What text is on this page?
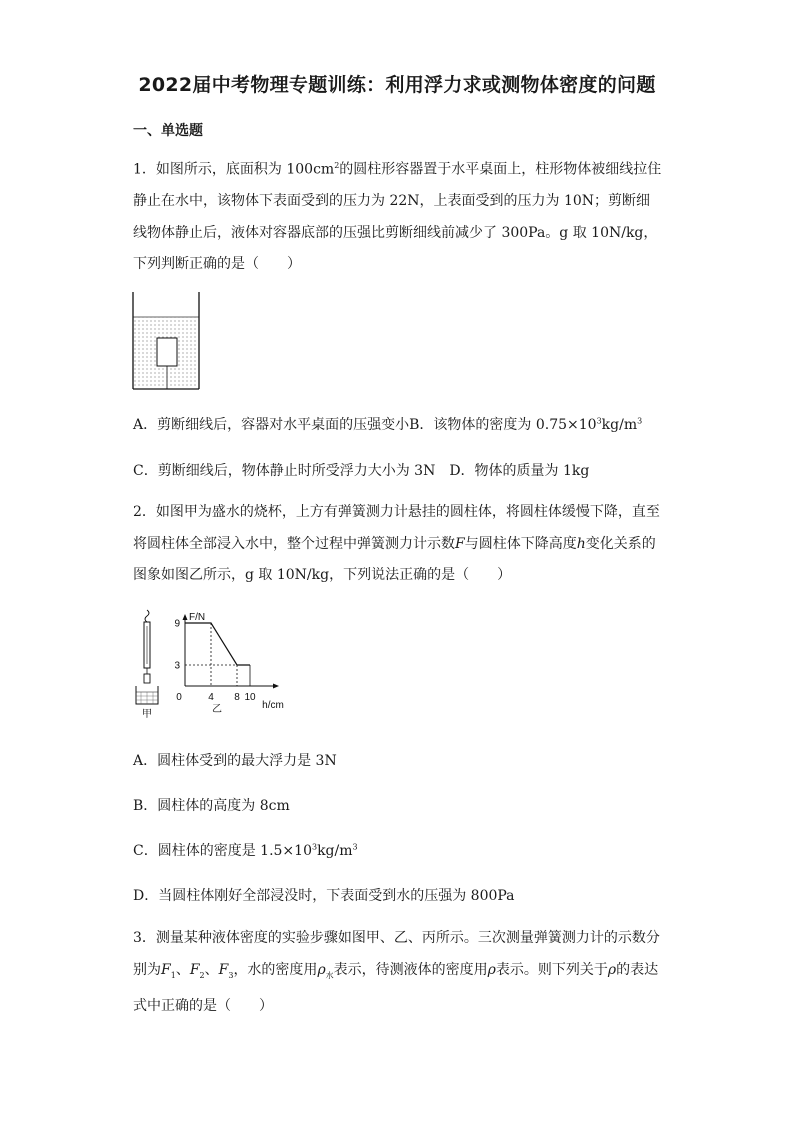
2022届中考物理专题训练：利用浮力求或测物体密度的问题
一、单选题
1．如图所示，底面积为 $100cm^2$的圆柱形容器置于水平桌面上，柱形物体被细线拉住静止在水中，该物体下表面受到的压力为 22N，上表面受到的压力为 10N；剪断细线物体静止后，液体对容器底部的压强比剪断细线前减少了 300Pa。g 取 10N/kg，下列判断正确的是（　　）
A．剪断细线后，容器对水平桌面的压强变小B．该物体的密度为 $0.75\times 10^3kg/m^3$
C．剪断细线后，物体静止时所受浮力大小为 3N　D．物体的质量为 1kg
2．如图甲为盛水的烧杯，上方有弹簧测力计悬挂的圆柱体，将圆柱体缓慢下降，直至将圆柱体全部浸入水中，整个过程中弹簧测力计示数F与圆柱体下降高度h变化关系的图象如图乙所示，g 取 10N/kg，下列说法正确的是（　　）
甲
F/N
h/cm
9
3
0	4 8 10
乙
A．圆柱体受到的最大浮力是 3N
B．圆柱体的高度为 8cm
C．圆柱体的密度是 $1.5\times 10^3kg/m^3$
D．当圆柱体刚好全部浸没时，下表面受到水的压强为 800Pa
3．测量某种液体密度的实验步骤如图甲、乙、丙所示。三次测量弹簧测力计的示数分别为$F_1$、$F_2$、$F_3$，水的密度用$\rho_水$表示，待测液体的密度用ρ表示。则下列关于ρ的表达式中正确的是（　　）
